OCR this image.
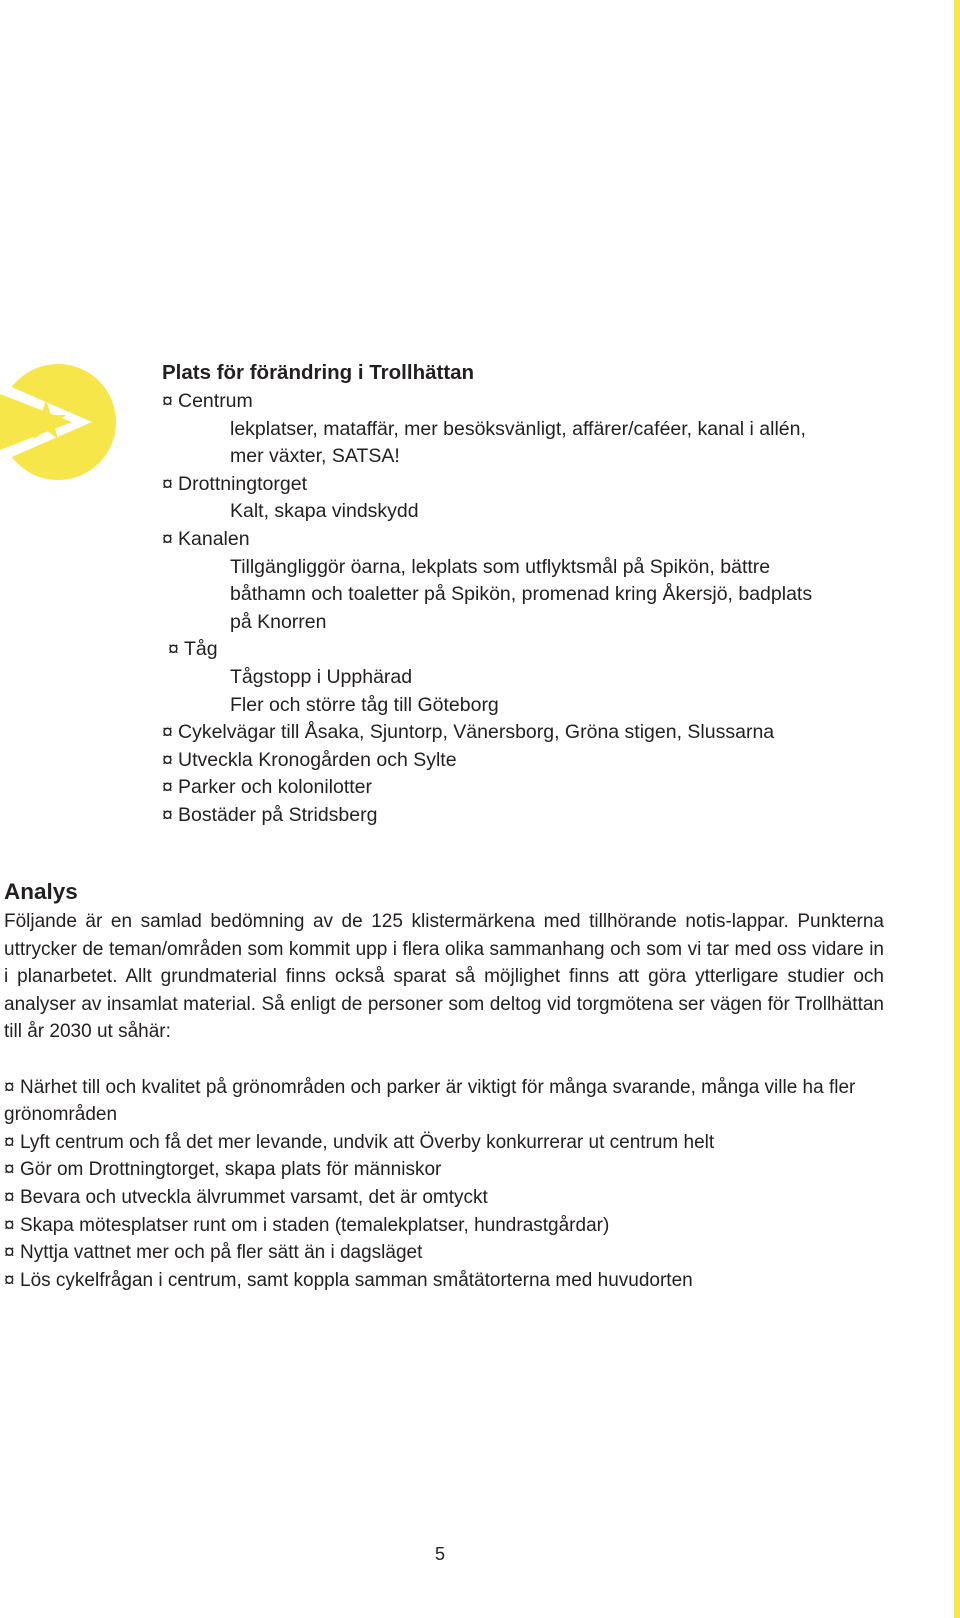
Plats för förändring i Trollhättan
¤ Centrum
lekplatser, mataffär, mer besöksvänligt, affärer/caféer, kanal i allén,
mer växter, SATSA!
¤ Drottningtorget
Kalt, skapa vindskydd
¤ Kanalen
Tillgängliggör öarna, lekplats som utflyktsmål på Spikön, bättre
båthamn och toaletter på Spikön, promenad kring Åkersjö, badplats
på Knorren
¤ Tåg
Tågstopp i Upphärad
Fler och större tåg till Göteborg
¤ Cykelvägar till Åsaka, Sjuntorp, Vänersborg, Gröna stigen, Slussarna
¤ Utveckla Kronogården och Sylte
¤ Parker och kolonilotter
¤ Bostäder på Stridsberg
Analys

Följande är en samlad bedömning av de 125 klistermärkena med tillhörande notis-lappar. Punkterna uttrycker de teman/områden som kommit upp i flera olika sammanhang och som vi tar med oss vidare in i planarbetet. Allt grundmaterial finns också sparat så möjlighet finns att göra ytterligare studier och analyser av insamlat material. Så enligt de personer som deltog vid torgmötena ser vägen för Trollhättan till år 2030 ut såhär:

¤ Närhet till och kvalitet på grönområden och parker är viktigt för många svarande, många ville ha fler grönområden
¤ Lyft centrum och få det mer levande, undvik att Överby konkurrerar ut centrum helt
¤ Gör om Drottningtorget, skapa plats för människor
¤ Bevara och utveckla älvrummet varsamt, det är omtyckt
¤ Skapa mötesplatser runt om i staden (temalekplatser, hundrastgårdar)
¤ Nyttja vattnet mer och på fler sätt än i dagsläget
¤ Lös cykelfrågan i centrum, samt koppla samman småtätorterna med huvudorten
5
